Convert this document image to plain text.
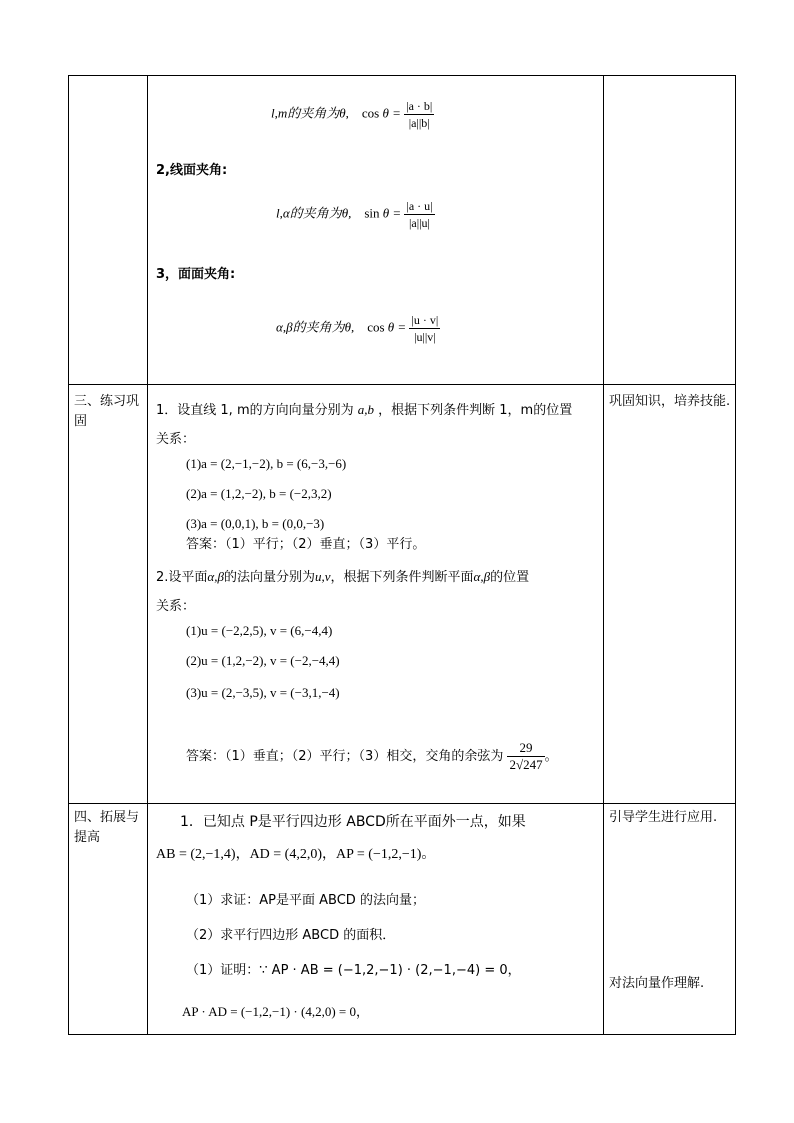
l,m的夹角为θ, $\cos \theta = \frac{|a \cdot b|}{|a||b|}$
2,线面夹角:
l,α的夹角为θ, $\sin \theta = \frac{|a \cdot u|}{|a||u|}$
3，面面夹角:
α,β的夹角为θ, $\cos \theta = \frac{|u \cdot v|}{|u||v|}$
三、练习巩固
巩固知识，培养技能.
1．设直线 1, m的方向向量分别为 a,b ，根据下列条件判断 1，m的位置
关系：
(1)a = (2,−1,−2), b = (6,−3,−6)
(2)a = (1,2,−2), b = (−2,3,2)
(3)a = (0,0,1), b = (0,0,−3)
答案：（1）平行；（2）垂直；（3）平行。
2.设平面α,β的法向量分别为u,v，根据下列条件判断平面α,β的位置
关系：
(1)u = (−2,2,5), v = (6,−4,4)
(2)u = (1,2,−2), v = (−2,−4,4)
(3)u = (2,−3,5), v = (−3,1,−4)
答案：（1）垂直；（2）平行；（3）相交，交角的余弦为 $\frac{29}{2√247}$ 。
四、拓展与提高
引导学生进行应用.
对法向量作理解.
1．已知点 P是平行四边形 ABCD所在平面外一点，如果
AB = (2,−1,4)，AD = (4,2,0)，AP = (−1,2,−1)。
（1）求证：AP是平面 ABCD 的法向量；
（2）求平行四边形 ABCD 的面积．
（1）证明：∵ AP · AB = (−1,2,−1) · (2,−1,−4) = 0，
AP · AD = (−1,2,−1) · (4,2,0) = 0，
